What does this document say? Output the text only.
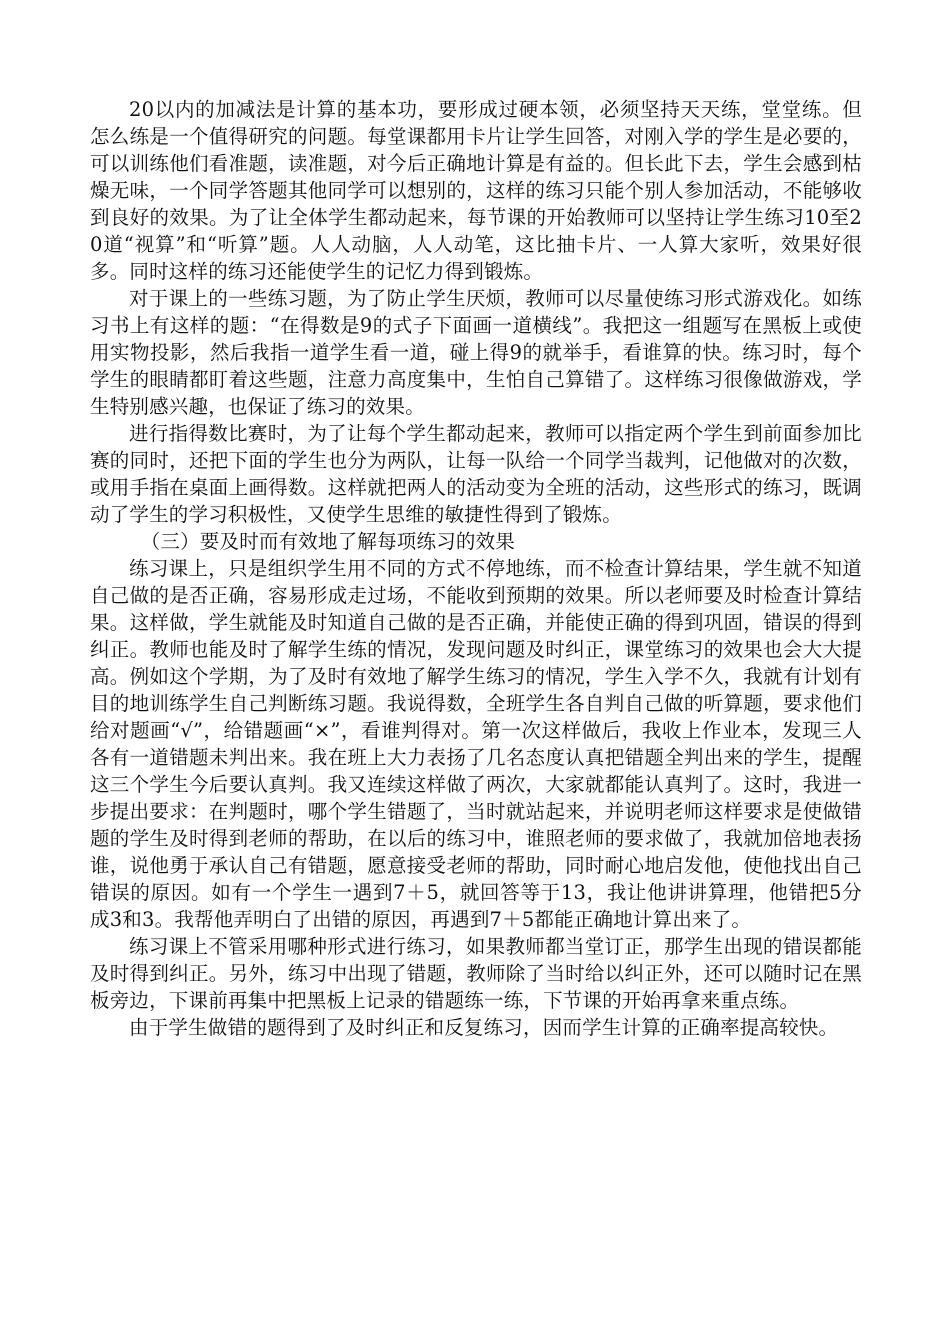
20以内的加减法是计算的基本功，要形成过硬本领，必须坚持天天练，堂堂练。但怎么练是一个值得研究的问题。每堂课都用卡片让学生回答，对刚入学的学生是必要的，可以训练他们看准题，读准题，对今后正确地计算是有益的。但长此下去，学生会感到枯燥无味，一个同学答题其他同学可以想别的，这样的练习只能个别人参加活动，不能够收到良好的效果。为了让全体学生都动起来，每节课的开始教师可以坚持让学生练习10至20道“视算”和“听算”题。人人动脑，人人动笔，这比抽卡片、一人算大家听，效果好很多。同时这样的练习还能使学生的记忆力得到锻炼。

对于课上的一些练习题，为了防止学生厌烦，教师可以尽量使练习形式游戏化。如练习书上有这样的题：“在得数是9的式子下面画一道横线”。我把这一组题写在黑板上或使用实物投影，然后我指一道学生看一道，碰上得9的就举手，看谁算的快。练习时，每个学生的眼睛都盯着这些题，注意力高度集中，生怕自己算错了。这样练习很像做游戏，学生特别感兴趣，也保证了练习的效果。

进行指得数比赛时，为了让每个学生都动起来，教师可以指定两个学生到前面参加比赛的同时，还把下面的学生也分为两队，让每一队给一个同学当裁判，记他做对的次数，或用手指在桌面上画得数。这样就把两人的活动变为全班的活动，这些形式的练习，既调动了学生的学习积极性，又使学生思维的敏捷性得到了锻炼。

（三）要及时而有效地了解每项练习的效果

练习课上，只是组织学生用不同的方式不停地练，而不检查计算结果，学生就不知道自己做的是否正确，容易形成走过场，不能收到预期的效果。所以老师要及时检查计算结果。这样做，学生就能及时知道自己做的是否正确，并能使正确的得到巩固，错误的得到纠正。教师也能及时了解学生练的情况，发现问题及时纠正，课堂练习的效果也会大大提高。例如这个学期，为了及时有效地了解学生练习的情况，学生入学不久，我就有计划有目的地训练学生自己判断练习题。我说得数，全班学生各自判自己做的听算题，要求他们给对题画“√”，给错题画“×”，看谁判得对。第一次这样做后，我收上作业本，发现三人各有一道错题未判出来。我在班上大力表扬了几名态度认真把错题全判出来的学生，提醒这三个学生今后要认真判。我又连续这样做了两次，大家就都能认真判了。这时，我进一步提出要求：在判题时，哪个学生错题了，当时就站起来，并说明老师这样要求是使做错题的学生及时得到老师的帮助，在以后的练习中，谁照老师的要求做了，我就加倍地表扬谁，说他勇于承认自己有错题，愿意接受老师的帮助，同时耐心地启发他，使他找出自己错误的原因。如有一个学生一遇到7＋5，就回答等于13，我让他讲讲算理，他错把5分成3和3。我帮他弄明白了出错的原因，再遇到7＋5都能正确地计算出来了。

练习课上不管采用哪种形式进行练习，如果教师都当堂订正，那学生出现的错误都能及时得到纠正。另外，练习中出现了错题，教师除了当时给以纠正外，还可以随时记在黑板旁边，下课前再集中把黑板上记录的错题练一练，下节课的开始再拿来重点练。

由于学生做错的题得到了及时纠正和反复练习，因而学生计算的正确率提高较快。
